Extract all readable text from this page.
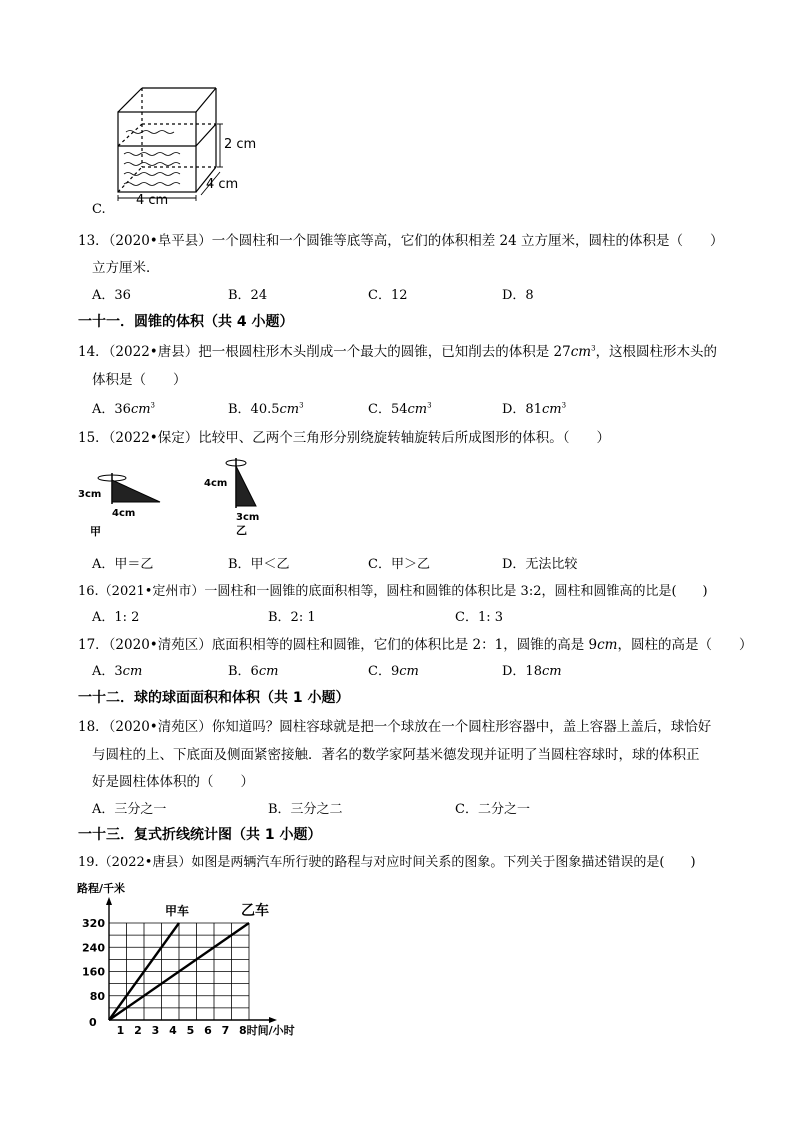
2 cm
4 cm
4 cm
C.
13．（2020•阜平县）一个圆柱和一个圆锥等底等高，它们的体积相差 24 立方厘米，圆柱的体积是（　　）
立方厘米．
A．36	B．24	C．12	D．8
一十一．圆锥的体积（共 4 小题）
14．（2022•唐县）把一根圆柱形木头削成一个最大的圆锥，已知削去的体积是 $27cm^3$，这根圆柱形木头的
体积是（　　）
A．$36cm^3$	B．$40.5cm^3$	C．$54cm^3$	D．$81cm^3$
15．（2022•保定）比较甲、乙两个三角形分别绕旋转轴旋转后所成图形的体积。（　　）
3cm
4cm
甲
4cm
3cm
乙
A．甲＝乙	B．甲＜乙	C．甲＞乙	D．无法比较
16.（2021•定州市）一圆柱和一圆锥的底面积相等，圆柱和圆锥的体积比是 3:2，圆柱和圆锥高的比是(　　)
A．1: 2	B．2: 1	C．1: 3
17．（2020•清苑区）底面积相等的圆柱和圆锥，它们的体积比是 2：1，圆锥的高是 9cm，圆柱的高是（　　）
A．3cm	B．6cm	C．9cm	D．18cm
一十二．球的球面面积和体积（共 1 小题）
18．（2020•清苑区）你知道吗？圆柱容球就是把一个球放在一个圆柱形容器中，盖上容器上盖后，球恰好
与圆柱的上、下底面及侧面紧密接触．著名的数学家阿基米德发现并证明了当圆柱容球时，球的体积正
好是圆柱体体积的（　　）
A．三分之一	B．三分之二	C．二分之一
一十三．复式折线统计图（共 1 小题）
19.（2022•唐县）如图是两辆汽车所行驶的路程与对应时间关系的图象。下列关于图象描述错误的是(　　)
路程/千米
0
80
160
240
320
1 2 3 4 5 6 7 8时间/小时
甲车	乙车
